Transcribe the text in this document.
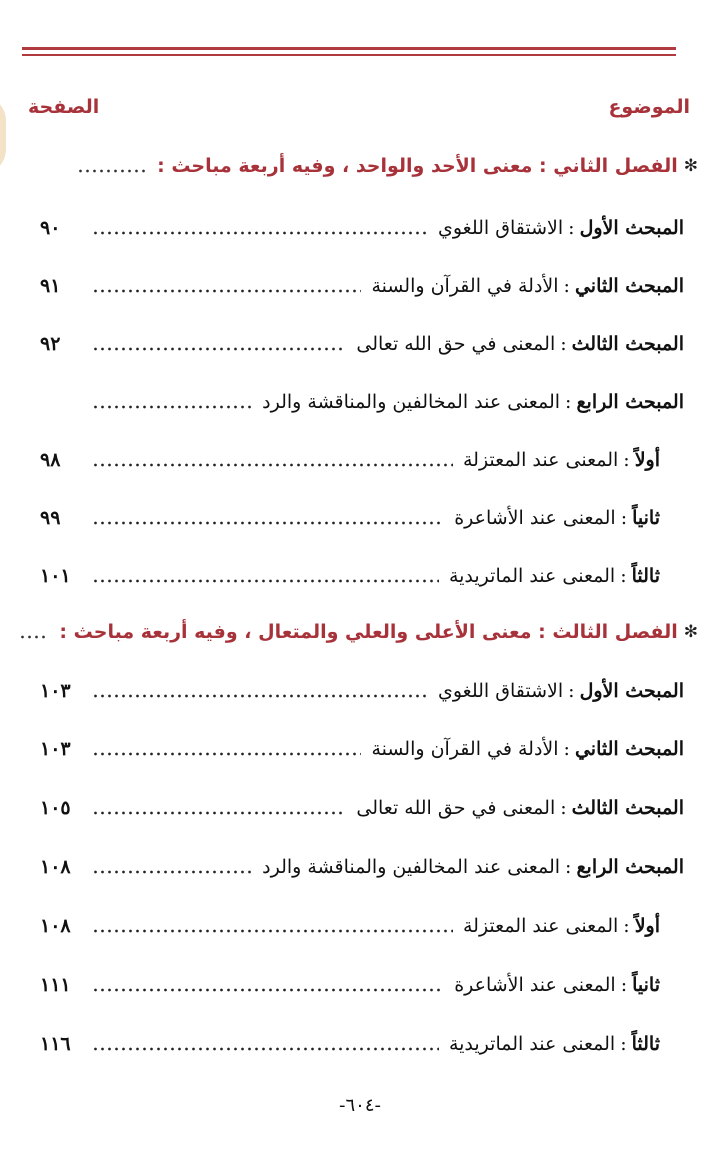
الموضوع
الصفحة
✻
الفصل الثاني : معنى الأحد والواحد ، وفيه أربعة مباحث :
المبحث الأول
:
الاشتقاق اللغوي
٩٠
المبحث الثاني
:
الأدلة في القرآن والسنة
٩١
المبحث الثالث
:
المعنى في حق الله تعالى
٩٢
المبحث الرابع
:
المعنى عند المخالفين والمناقشة والرد
أولاً
:
المعنى عند المعتزلة
٩٨
ثانياً
:
المعنى عند الأشاعرة
٩٩
ثالثاً
:
المعنى عند الماتريدية
١٠١
✻
الفصل الثالث : معنى الأعلى والعلي والمتعال ، وفيه أربعة مباحث :
المبحث الأول
:
الاشتقاق اللغوي
١٠٣
المبحث الثاني
:
الأدلة في القرآن والسنة
١٠٣
المبحث الثالث
:
المعنى في حق الله تعالى
١٠٥
المبحث الرابع
:
المعنى عند المخالفين والمناقشة والرد
١٠٨
أولاً
:
المعنى عند المعتزلة
١٠٨
ثانياً
:
المعنى عند الأشاعرة
١١١
ثالثاً
:
المعنى عند الماتريدية
١١٦
-٦٠٤-
